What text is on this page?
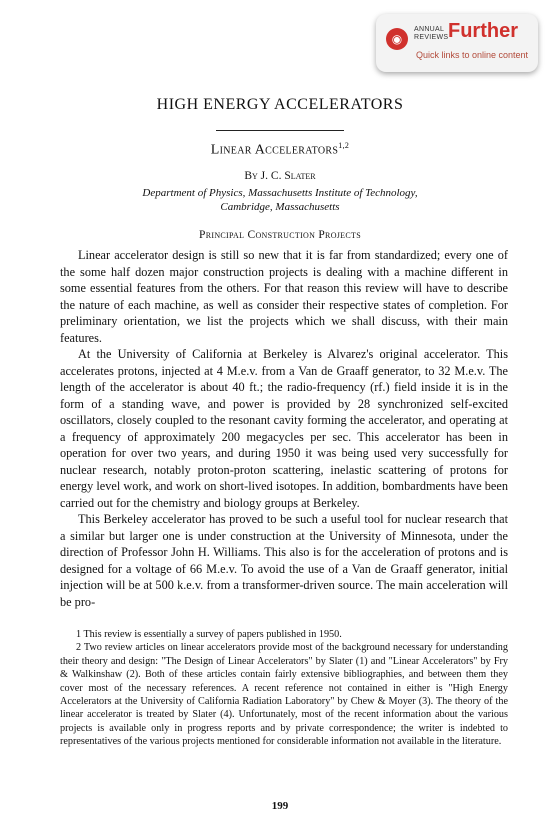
◉
ANNUAL REVIEWS Further
Quick links to online content
HIGH ENERGY ACCELERATORS
Linear Accelerators$^{1,2}$
By J. C. Slater
Department of Physics, Massachusetts Institute of Technology,
Cambridge, Massachusetts
Principal Construction Projects

Linear accelerator design is still so new that it is far from standardized; every one of the some half dozen major construction projects is dealing with a machine different in some essential features from the others. For that reason this review will have to describe the nature of each machine, as well as consider their respective states of completion. For preliminary orientation, we list the projects which we shall discuss, with their main features.

At the University of California at Berkeley is Alvarez's original accelerator. This accelerates protons, injected at 4 M.e.v. from a Van de Graaff generator, to 32 M.e.v. The length of the accelerator is about 40 ft.; the radio-frequency (rf.) field inside it is in the form of a standing wave, and power is provided by 28 synchronized self-excited oscillators, closely coupled to the resonant cavity forming the accelerator, and operating at a frequency of approximately 200 megacycles per sec. This accelerator has been in operation for over two years, and during 1950 it was being used very successfully for nuclear research, notably proton-proton scattering, inelastic scattering of protons for energy level work, and work on short-lived isotopes. In addition, bombardments have been carried out for the chemistry and biology groups at Berkeley.

This Berkeley accelerator has proved to be such a useful tool for nuclear research that a similar but larger one is under construction at the University of Minnesota, under the direction of Professor John H. Williams. This also is for the acceleration of protons and is designed for a voltage of 66 M.e.v. To avoid the use of a Van de Graaff generator, initial injection will be at 500 k.e.v. from a transformer-driven source. The main acceleration will be pro-

1 This review is essentially a survey of papers published in 1950.

2 Two review articles on linear accelerators provide most of the background necessary for understanding their theory and design: "The Design of Linear Accelerators" by Slater (1) and "Linear Accelerators" by Fry & Walkinshaw (2). Both of these articles contain fairly extensive bibliographies, and between them they cover most of the necessary references. A recent reference not contained in either is "High Energy Accelerators at the University of California Radiation Laboratory" by Chew & Moyer (3). The theory of the linear accelerator is treated by Slater (4). Unfortunately, most of the recent information about the various projects is available only in progress reports and by private correspondence; the writer is indebted to representatives of the various projects mentioned for considerable information not available in the literature.

199
